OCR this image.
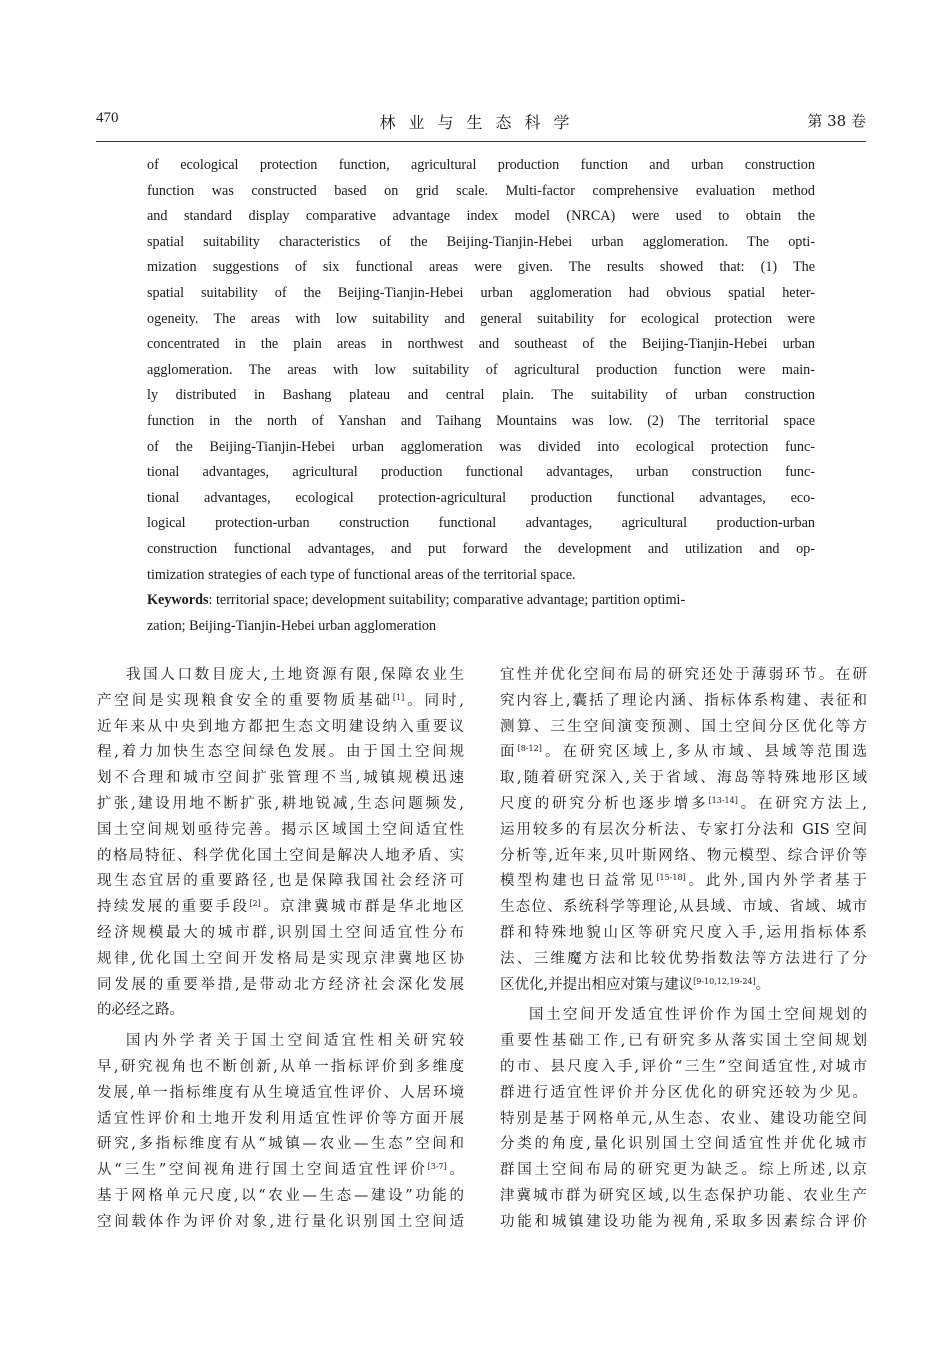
470	林业与生态科学	第 38 卷
of ecological protection function, agricultural production function and urban construction
function was constructed based on grid scale. Multi-factor comprehensive evaluation method
and standard display comparative advantage index model (NRCA) were used to obtain the
spatial suitability characteristics of the Beijing-Tianjin-Hebei urban agglomeration. The opti-
mization suggestions of six functional areas were given. The results showed that: (1) The
spatial suitability of the Beijing-Tianjin-Hebei urban agglomeration had obvious spatial heter-
ogeneity. The areas with low suitability and general suitability for ecological protection were
concentrated in the plain areas in northwest and southeast of the Beijing-Tianjin-Hebei urban
agglomeration. The areas with low suitability of agricultural production function were main-
ly distributed in Bashang plateau and central plain. The suitability of urban construction
function in the north of Yanshan and Taihang Mountains was low. (2) The territorial space
of the Beijing-Tianjin-Hebei urban agglomeration was divided into ecological protection func-
tional advantages, agricultural production functional advantages, urban construction func-
tional advantages, ecological protection-agricultural production functional advantages, eco-
logical protection-urban construction functional advantages, agricultural production-urban
construction functional advantages, and put forward the development and utilization and op-
timization strategies of each type of functional areas of the territorial space.
Keywords: territorial space; development suitability; comparative advantage; partition optimi-
zation; Beijing-Tianjin-Hebei urban agglomeration
我国人口数目庞大,土地资源有限,保障农业生
产空间是实现粮食安全的重要物质基础[1]。同时,
近年来从中央到地方都把生态文明建设纳入重要议
程,着力加快生态空间绿色发展。由于国土空间规
划不合理和城市空间扩张管理不当,城镇规模迅速
扩张,建设用地不断扩张,耕地锐减,生态问题频发,
国土空间规划亟待完善。揭示区域国土空间适宜性
的格局特征、科学优化国土空间是解决人地矛盾、实
现生态宜居的重要路径,也是保障我国社会经济可
持续发展的重要手段[2]。京津冀城市群是华北地区
经济规模最大的城市群,识别国土空间适宜性分布
规律,优化国土空间开发格局是实现京津冀地区协
同发展的重要举措,是带动北方经济社会深化发展
的必经之路。
国内外学者关于国土空间适宜性相关研究较
早,研究视角也不断创新,从单一指标评价到多维度
发展,单一指标维度有从生境适宜性评价、人居环境
适宜性评价和土地开发利用适宜性评价等方面开展
研究,多指标维度有从“城镇—农业—生态”空间和
从“三生”空间视角进行国土空间适宜性评价[3-7]。
基于网格单元尺度,以“农业—生态—建设”功能的
空间载体作为评价对象,进行量化识别国土空间适
宜性并优化空间布局的研究还处于薄弱环节。在研
究内容上,囊括了理论内涵、指标体系构建、表征和
测算、三生空间演变预测、国土空间分区优化等方
面[8-12]。在研究区域上,多从市域、县域等范围选
取,随着研究深入,关于省域、海岛等特殊地形区域
尺度的研究分析也逐步增多[13-14]。在研究方法上,
运用较多的有层次分析法、专家打分法和 GIS 空间
分析等,近年来,贝叶斯网络、物元模型、综合评价等
模型构建也日益常见[15-18]。此外,国内外学者基于
生态位、系统科学等理论,从县域、市域、省域、城市
群和特殊地貌山区等研究尺度入手,运用指标体系
法、三维魔方法和比较优势指数法等方法进行了分
区优化,并提出相应对策与建议[9-10,12,19-24]。
国土空间开发适宜性评价作为国土空间规划的
重要性基础工作,已有研究多从落实国土空间规划
的市、县尺度入手,评价“三生”空间适宜性,对城市
群进行适宜性评价并分区优化的研究还较为少见。
特别是基于网格单元,从生态、农业、建设功能空间
分类的角度,量化识别国土空间适宜性并优化城市
群国土空间布局的研究更为缺乏。综上所述,以京
津冀城市群为研究区域,以生态保护功能、农业生产
功能和城镇建设功能为视角,采取多因素综合评价
